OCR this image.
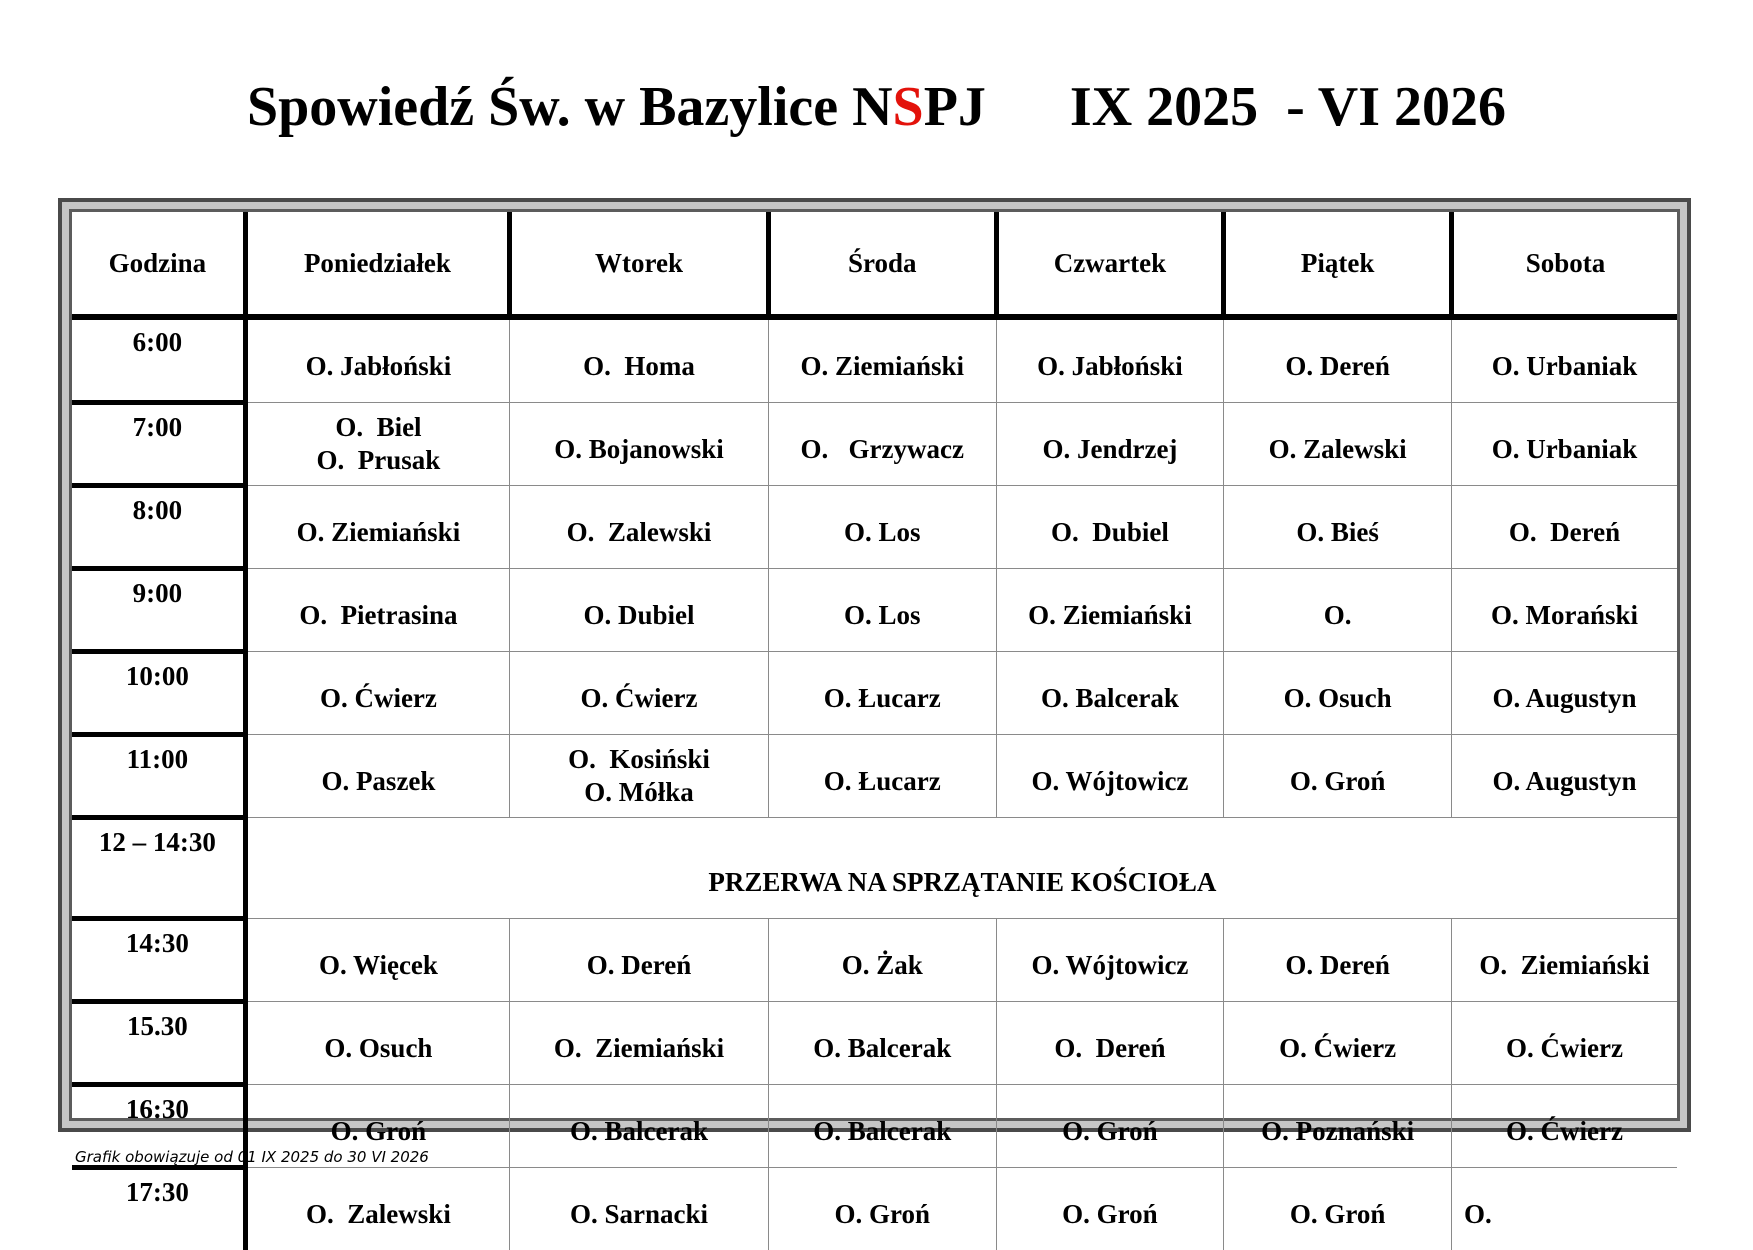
Spowiedź Św. w Bazylice NSPJ      IX 2025  - VI 2026
Godzina	Poniedziałek	Wtorek	Środa	Czwartek	Piątek	Sobota
6:00	O. Jabłoński	O.  Homa	O. Ziemiański	O. Jabłoński	O. Dereń	O. Urbaniak

7:00	O.  Biel
O.  Prusak	O. Bojanowski	O.   Grzywacz	O. Jendrzej	O. Zalewski	O. Urbaniak

8:00	O. Ziemiański	O.  Zalewski	O. Los	O.  Dubiel	O. Bieś	O.  Dereń

9:00	O.  Pietrasina	O. Dubiel	O. Los	O. Ziemiański	O.	O. Morański

10:00	O. Ćwierz	O. Ćwierz	O. Łucarz	O. Balcerak	O. Osuch	O. Augustyn

11:00	O. Paszek	O.  Kosiński
O. Mółka	O. Łucarz	O. Wójtowicz	O. Groń	O. Augustyn

12 – 14:30	PRZERWA NA SPRZĄTANIE KOŚCIOŁA					
14:30	O. Więcek	O. Dereń	O. Żak	O. Wójtowicz	O. Dereń	O.  Ziemiański

15.30	O. Osuch	O.  Ziemiański	O. Balcerak	O.  Dereń	O. Ćwierz	O. Ćwierz

16:30	O. Groń	O. Balcerak	O. Balcerak	O. Groń	O. Poznański	O. Ćwierz

17:30	O.  Zalewski	O. Sarnacki	O. Groń	O. Groń	O. Groń	O.
Grafik obowiązuje od 01 IX 2025 do 30 VI 2026
